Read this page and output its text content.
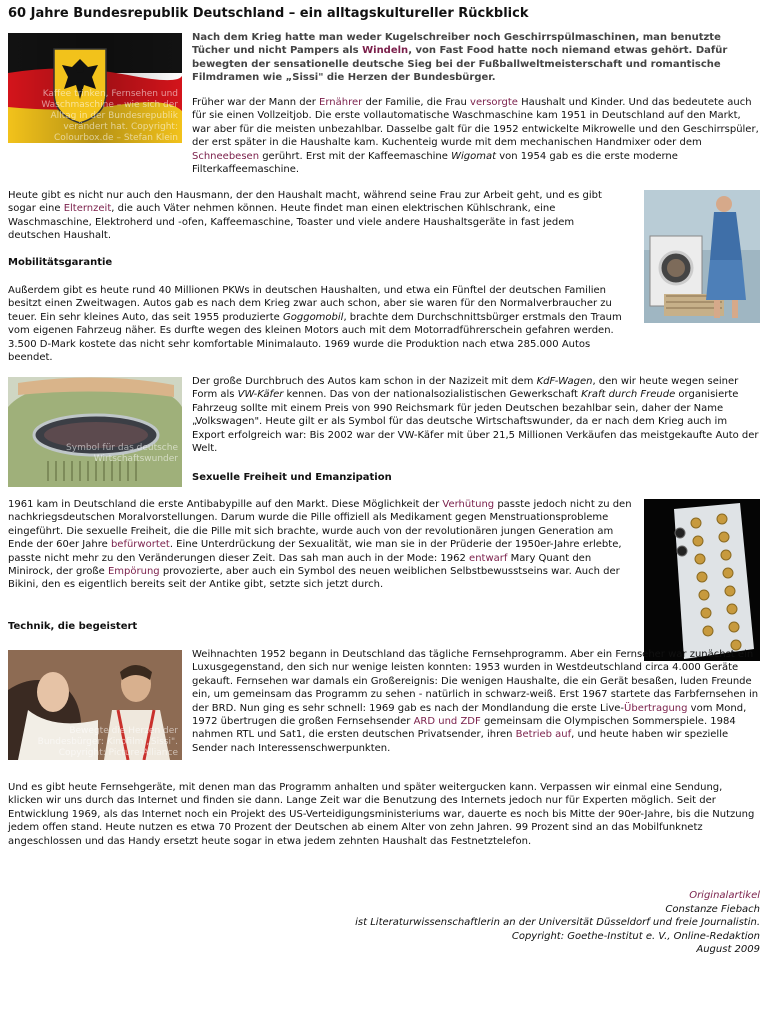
60 Jahre Bundesrepublik Deutschland – ein alltagskultureller Rückblick
Kaffee trinken, Fernsehen und Waschmaschine – wie sich der Alltag in der Bundesrepublik verändert hat. Copyright: Colourbox.de – Stefan Klein
Nach dem Krieg hatte man weder Kugelschreiber noch Geschirrspülmaschinen, man benutzte Tücher und nicht Pampers als Windeln, von Fast Food hatte noch niemand etwas gehört. Dafür bewegten der sensationelle deutsche Sieg bei der Fußballweltmeisterschaft und romantische Filmdramen wie „Sissi" die Herzen der Bundesbürger.
Früher war der Mann der Ernährer der Familie, die Frau versorgte Haushalt und Kinder. Und das bedeutete auch für sie einen Vollzeitjob. Die erste vollautomatische Waschmaschine kam 1951 in Deutschland auf den Markt, war aber für die meisten unbezahlbar. Dasselbe galt für die 1952 entwickelte Mikrowelle und den Geschirrspüler, der erst später in die Haushalte kam. Kuchenteig wurde mit dem mechanischen Handmixer oder dem Schneebesen gerührt. Erst mit der Kaffeemaschine Wigomat von 1954 gab es die erste moderne Filterkaffeemaschine.
Heute gibt es nicht nur auch den Hausmann, der den Haushalt macht, während seine Frau zur Arbeit geht, und es gibt sogar eine Elternzeit, die auch Väter nehmen können. Heute findet man einen elektrischen Kühlschrank, eine Waschmaschine, Elektroherd und -ofen, Kaffeemaschine, Toaster und viele andere Haushaltsgeräte in fast jedem deutschen Haushalt.
Mobilitätsgarantie
Außerdem gibt es heute rund 40 Millionen PKWs in deutschen Haushalten, und etwa ein Fünftel der deutschen Familien besitzt einen Zweitwagen. Autos gab es nach dem Krieg zwar auch schon, aber sie waren für den Normalverbraucher zu teuer. Ein sehr kleines Auto, das seit 1955 produzierte Goggomobil, brachte dem Durchschnittsbürger erstmals den Traum vom eigenen Fahrzeug näher. Es durfte wegen des kleinen Motors auch mit dem Motorradführerschein gefahren werden. 3.500 D-Mark kostete das nicht sehr komfortable Minimalauto. 1969 wurde die Produktion nach etwa 285.000 Autos beendet.
Symbol für das deutsche Wirtschaftswunder
Der große Durchbruch des Autos kam schon in der Nazizeit mit dem KdF-Wagen, den wir heute wegen seiner Form als VW-Käfer kennen. Das von der nationalsozialistischen Gewerkschaft Kraft durch Freude organisierte Fahrzeug sollte mit einem Preis von 990 Reichsmark für jeden Deutschen bezahlbar sein, daher der Name „Volkswagen". Heute gilt er als Symbol für das deutsche Wirtschaftswunder, da er nach dem Krieg auch im Export erfolgreich war: Bis 2002 war der VW-Käfer mit über 21,5 Millionen Verkäufen das meistgekaufte Auto der Welt.
Sexuelle Freiheit und Emanzipation
1961 kam in Deutschland die erste Antibabypille auf den Markt. Diese Möglichkeit der Verhütung passte jedoch nicht zu den nachkriegsdeutschen Moralvorstellungen. Darum wurde die Pille offiziell als Medikament gegen Menstruationsprobleme eingeführt. Die sexuelle Freiheit, die die Pille mit sich brachte, wurde auch von der revolutionären jungen Generation am Ende der 60er Jahre befürwortet. Eine Unterdrückung der Sexualität, wie man sie in der Prüderie der 1950er-Jahre erlebte, passte nicht mehr zu den Veränderungen dieser Zeit. Das sah man auch in der Mode: 1962 entwarf Mary Quant den Minirock, der große Empörung provozierte, aber auch ein Symbol des neuen weiblichen Selbstbewusstseins war. Auch der Bikini, den es eigentlich bereits seit der Antike gibt, setzte sich jetzt durch.
Technik, die begeistert
Bewegte die Herzen der Bundesbürger: Kinofilm „Sissi". Copyright: Picture-Alliance
Weihnachten 1952 begann in Deutschland das tägliche Fernsehprogramm. Aber ein Fernseher war zunächst ein Luxusgegenstand, den sich nur wenige leisten konnten: 1953 wurden in Westdeutschland circa 4.000 Geräte gekauft. Fernsehen war damals ein Großereignis: Die wenigen Haushalte, die ein Gerät besaßen, luden Freunde ein, um gemeinsam das Programm zu sehen - natürlich in schwarz-weiß. Erst 1967 startete das Farbfernsehen in der BRD. Nun ging es sehr schnell: 1969 gab es nach der Mondlandung die erste Live-Übertragung vom Mond, 1972 übertrugen die großen Fernsehsender ARD und ZDF gemeinsam die Olympischen Sommerspiele. 1984 nahmen RTL und Sat1, die ersten deutschen Privatsender, ihren Betrieb auf, und heute haben wir spezielle Sender nach Interessenschwerpunkten.
Und es gibt heute Fernsehgeräte, mit denen man das Programm anhalten und später weitergucken kann. Verpassen wir einmal eine Sendung, klicken wir uns durch das Internet und finden sie dann. Lange Zeit war die Benutzung des Internets jedoch nur für Experten möglich. Seit der Entwicklung 1969, als das Internet noch ein Projekt des US-Verteidigungsministeriums war, dauerte es noch bis Mitte der 90er-Jahre, bis die Nutzung jedem offen stand. Heute nutzen es etwa 70 Prozent der Deutschen ab einem Alter von zehn Jahren. 99 Prozent sind an das Mobilfunknetz angeschlossen und das Handy ersetzt heute sogar in etwa jedem zehnten Haushalt das Festnetztelefon.
Originalartikel
Constanze Fiebach
ist Literaturwissenschaftlerin an der Universität Düsseldorf und freie Journalistin.
Copyright: Goethe-Institut e. V., Online-Redaktion
August 2009
